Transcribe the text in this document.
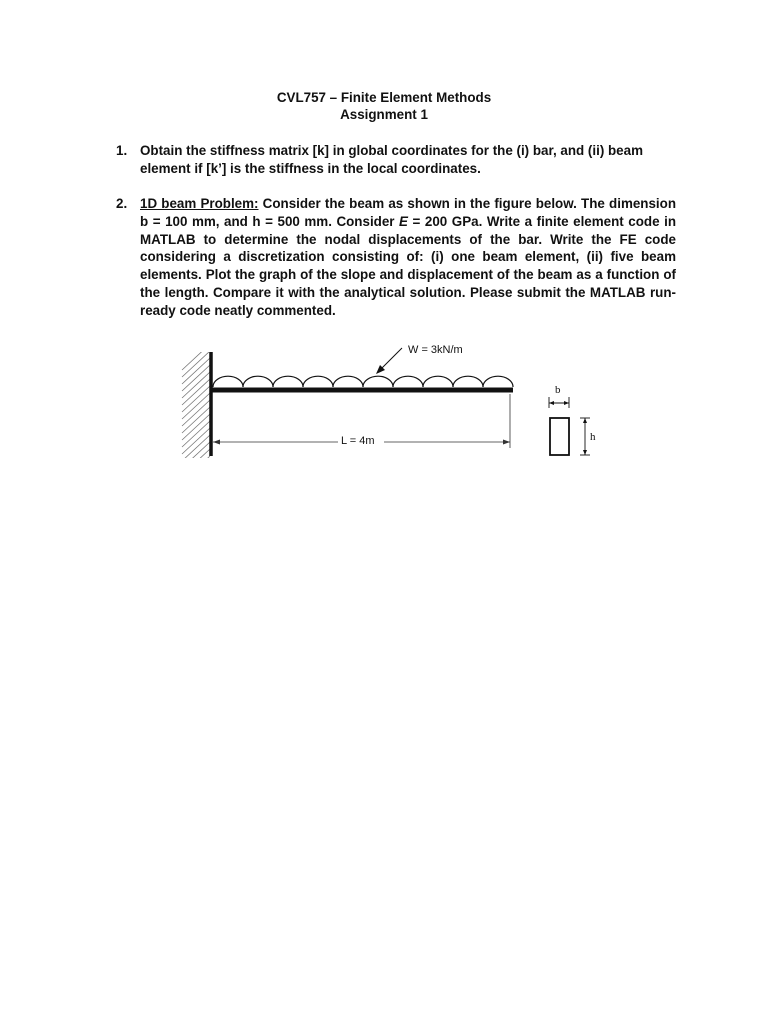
CVL757 – Finite Element Methods
Assignment 1
1. Obtain the stiffness matrix [k] in global coordinates for the (i) bar, and (ii) beam element if [k’] is the stiffness in the local coordinates.
2. 1D beam Problem: Consider the beam as shown in the figure below. The dimension b = 100 mm, and h = 500 mm. Consider E = 200 GPa. Write a finite element code in MATLAB to determine the nodal displacements of the bar. Write the FE code considering a discretization consisting of: (i) one beam element, (ii) five beam elements. Plot the graph of the slope and displacement of the beam as a function of the length. Compare it with the analytical solution. Please submit the MATLAB run-ready code neatly commented.
W = 3kN/m
L = 4m
b
h
